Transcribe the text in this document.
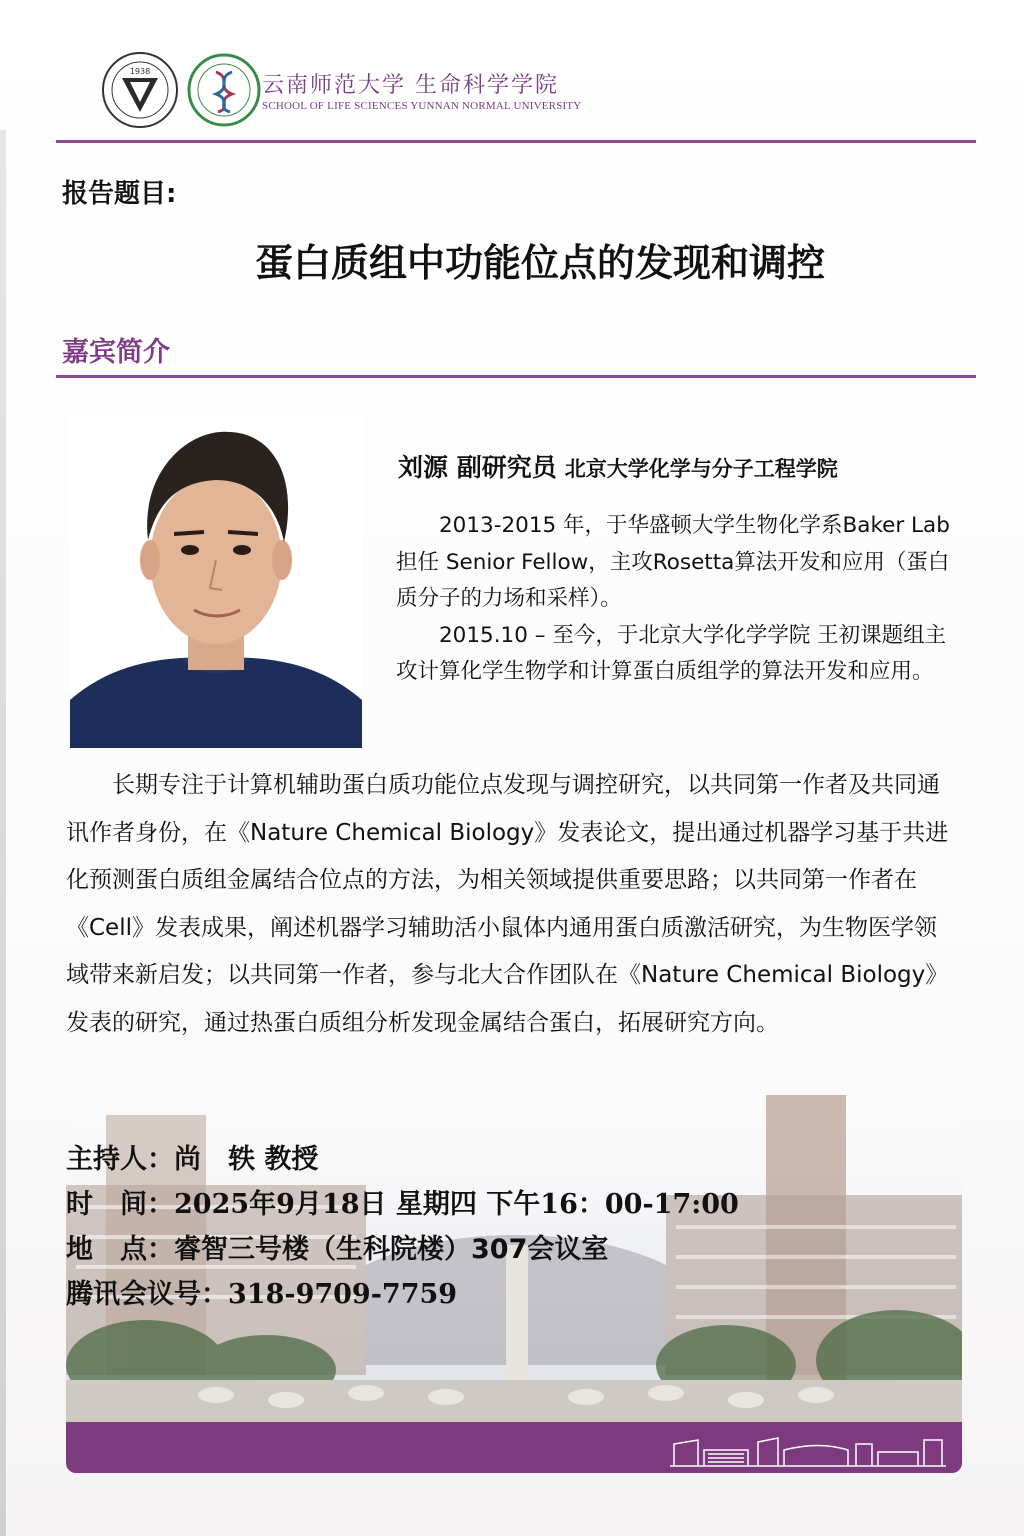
1938
云南师范大学 生命科学学院
SCHOOL OF LIFE SCIENCES YUNNAN NORMAL UNIVERSITY
报告题目:
蛋白质组中功能位点的发现和调控
嘉宾简介
刘源 副研究员 北京大学化学与分子工程学院

2013-2015 年，于华盛顿大学生物化学系Baker Lab担任 Senior Fellow，主攻Rosetta算法开发和应用（蛋白质分子的力场和采样）。

2015.10 – 至今，于北京大学化学学院 王初课题组主攻计算化学生物学和计算蛋白质组学的算法开发和应用。

长期专注于计算机辅助蛋白质功能位点发现与调控研究，以共同第一作者及共同通讯作者身份，在《Nature Chemical Biology》发表论文，提出通过机器学习基于共进化预测蛋白质组金属结合位点的方法，为相关领域提供重要思路；以共同第一作者在《Cell》发表成果，阐述机器学习辅助活小鼠体内通用蛋白质激活研究，为生物医学领域带来新启发；以共同第一作者，参与北大合作团队在《Nature Chemical Biology》发表的研究，通过热蛋白质组分析发现金属结合蛋白，拓展研究方向。

主持人：尚　轶 教授
时　间：2025年9月18日 星期四 下午16：00-17:00
地　点：睿智三号楼（生科院楼）307会议室
腾讯会议号：318-9709-7759
